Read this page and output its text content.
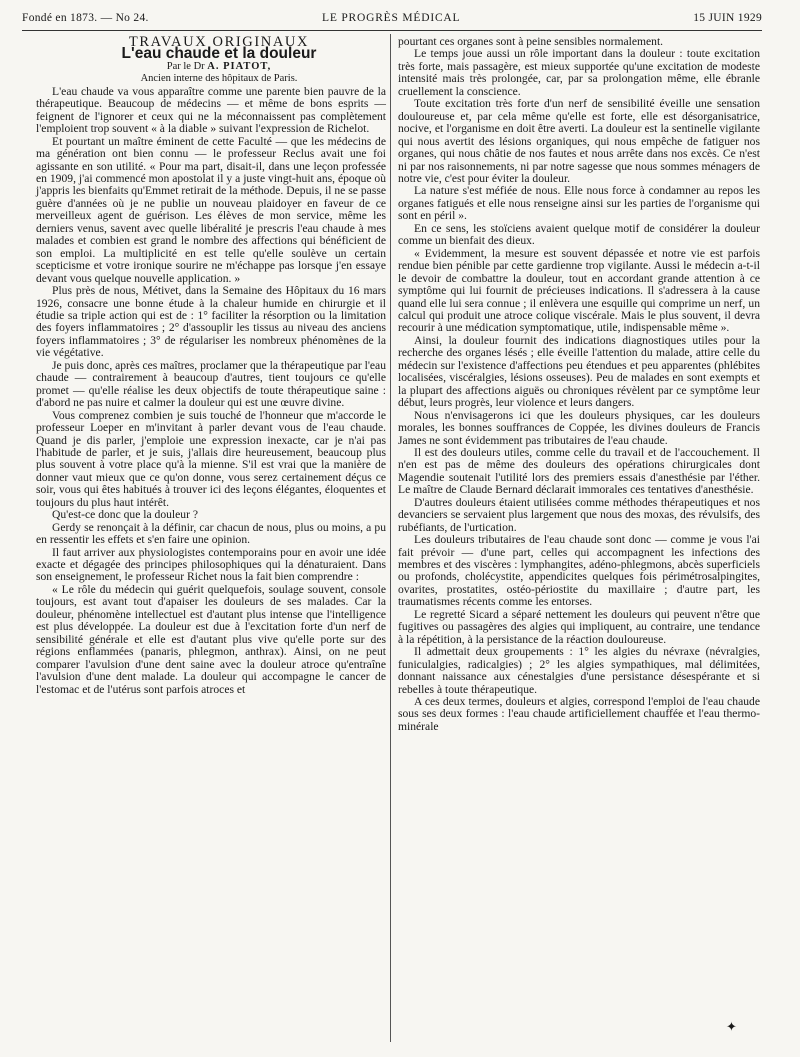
Fondé en 1873. — No 24.	LE PROGRÈS MÉDICAL	15 JUIN 1929

TRAVAUX ORIGINAUX

L'eau chaude et la douleur

Par le Dr A. PIATOT,

Ancien interne des hôpitaux de Paris.

L'eau chaude va vous apparaître comme une parente bien pauvre de la thérapeutique. Beaucoup de médecins — et même de bons esprits — feignent de l'ignorer et ceux qui ne la méconnaissent pas complètement l'emploient trop souvent « à la diable » suivant l'expression de Richelot.

Et pourtant un maître éminent de cette Faculté — que les médecins de ma génération ont bien connu — le professeur Reclus avait une foi agissante en son utilité. « Pour ma part, disait-il, dans une leçon professée en 1909, j'ai commencé mon apostolat il y a juste vingt-huit ans, époque où j'appris les bienfaits qu'Emmet retirait de la méthode. Depuis, il ne se passe guère d'années où je ne publie un nouveau plaidoyer en faveur de ce merveilleux agent de guérison. Les élèves de mon service, même les derniers venus, savent avec quelle libéralité je prescris l'eau chaude à mes malades et combien est grand le nombre des affections qui bénéficient de son emploi. La multiplicité en est telle qu'elle soulève un certain scepticisme et votre ironique sourire ne m'échappe pas lorsque j'en essaye devant vous quelque nouvelle application. »

Plus près de nous, Métivet, dans la Semaine des Hôpitaux du 16 mars 1926, consacre une bonne étude à la chaleur humide en chirurgie et il étudie sa triple action qui est de : 1° faciliter la résorption ou la limitation des foyers inflammatoires ; 2° d'assouplir les tissus au niveau des anciens foyers inflammatoires ; 3° de régulariser les nombreux phénomènes de la vie végétative.

Je puis donc, après ces maîtres, proclamer que la thérapeutique par l'eau chaude — contrairement à beaucoup d'autres, tient toujours ce qu'elle promet — qu'elle réalise les deux objectifs de toute thérapeutique saine : d'abord ne pas nuire et calmer la douleur qui est une œuvre divine.

Vous comprenez combien je suis touché de l'honneur que m'accorde le professeur Loeper en m'invitant à parler devant vous de l'eau chaude. Quand je dis parler, j'emploie une expression inexacte, car je n'ai pas l'habitude de parler, et je suis, j'allais dire heureusement, beaucoup plus plus souvent à votre place qu'à la mienne. S'il est vrai que la manière de donner vaut mieux que ce qu'on donne, vous serez certainement déçus ce soir, vous qui êtes habitués à trouver ici des leçons élégantes, éloquentes et toujours du plus haut intérêt.

Qu'est-ce donc que la douleur ?

Gerdy se renonçait à la définir, car chacun de nous, plus ou moins, a pu en ressentir les effets et s'en faire une opinion.

Il faut arriver aux physiologistes contemporains pour en avoir une idée exacte et dégagée des principes philosophiques qui la dénaturaient. Dans son enseignement, le professeur Richet nous la fait bien comprendre :

« Le rôle du médecin qui guérit quelquefois, soulage souvent, console toujours, est avant tout d'apaiser les douleurs de ses malades. Car la douleur, phénomène intellectuel est d'autant plus intense que l'intelligence est plus développée. La douleur est due à l'excitation forte d'un nerf de sensibilité générale et elle est d'autant plus vive qu'elle porte sur des régions enflammées (panaris, phlegmon, anthrax). Ainsi, on ne peut comparer l'avulsion d'une dent saine avec la douleur atroce qu'entraîne l'avulsion d'une dent malade. La douleur qui accompagne le cancer de l'estomac et de l'utérus sont parfois atroces et

pourtant ces organes sont à peine sensibles normalement.

Le temps joue aussi un rôle important dans la douleur : toute excitation très forte, mais passagère, est mieux supportée qu'une excitation de modeste intensité mais très prolongée, car, par sa prolongation même, elle ébranle cruellement la conscience.

Toute excitation très forte d'un nerf de sensibilité éveille une sensation douloureuse et, par cela même qu'elle est forte, elle est désorganisatrice, nocive, et l'organisme en doit être averti. La douleur est la sentinelle vigilante qui nous avertit des lésions organiques, qui nous empêche de fatiguer nos organes, qui nous châtie de nos fautes et nous arrête dans nos excès. Ce n'est ni par nos raisonnements, ni par notre sagesse que nous sommes ménagers de notre vie, c'est pour éviter la douleur.

La nature s'est méfiée de nous. Elle nous force à condamner au repos les organes fatigués et elle nous renseigne ainsi sur les parties de l'organisme qui sont en péril ».

En ce sens, les stoïciens avaient quelque motif de considérer la douleur comme un bienfait des dieux.

« Evidemment, la mesure est souvent dépassée et notre vie est parfois rendue bien pénible par cette gardienne trop vigilante. Aussi le médecin a-t-il le devoir de combattre la douleur, tout en accordant grande attention à ce symptôme qui lui fournit de précieuses indications. Il s'adressera à la cause quand elle lui sera connue ; il enlèvera une esquille qui comprime un nerf, un calcul qui produit une atroce colique viscérale. Mais le plus souvent, il devra recourir à une médication symptomatique, utile, indispensable même ».

Ainsi, la douleur fournit des indications diagnostiques utiles pour la recherche des organes lésés ; elle éveille l'attention du malade, attire celle du médecin sur l'existence d'affections peu étendues et peu apparentes (phlébites localisées, viscéralgies, lésions osseuses). Peu de malades en sont exempts et la plupart des affections aiguës ou chroniques révèlent par ce symptôme leur début, leurs progrès, leur violence et leurs dangers.

Nous n'envisagerons ici que les douleurs physiques, car les douleurs morales, les bonnes souffrances de Coppée, les divines douleurs de Francis James ne sont évidemment pas tributaires de l'eau chaude.

Il est des douleurs utiles, comme celle du travail et de l'accouchement. Il n'en est pas de même des douleurs des opérations chirurgicales dont Magendie soutenait l'utilité lors des premiers essais d'anesthésie par l'éther. Le maître de Claude Bernard déclarait immorales ces tentatives d'anesthésie.

D'autres douleurs étaient utilisées comme méthodes thérapeutiques et nos devanciers se servaient plus largement que nous des moxas, des révulsifs, des rubéfiants, de l'urtication.

Les douleurs tributaires de l'eau chaude sont donc — comme je vous l'ai fait prévoir — d'une part, celles qui accompagnent les infections des membres et des viscères : lymphangites, adéno-phlegmons, abcès superficiels ou profonds, cholécystite, appendicites quelques fois périmétrosalpingites, ovarites, prostatites, ostéo-périostite du maxillaire ; d'autre part, les traumatismes récents comme les entorses.

Le regretté Sicard a séparé nettement les douleurs qui peuvent n'être que fugitives ou passagères des algies qui impliquent, au contraire, une tendance à la répétition, à la persistance de la réaction douloureuse.

Il admettait deux groupements : 1° les algies du névraxe (névralgies, funiculalgies, radicalgies) ; 2° les algies sympathiques, mal délimitées, donnant naissance aux cénestalgies d'une persistance désespérante et si rebelles à toute thérapeutique.

A ces deux termes, douleurs et algies, correspond l'emploi de l'eau chaude sous ses deux formes : l'eau chaude artificiellement chauffée et l'eau thermo-minérale

✦
